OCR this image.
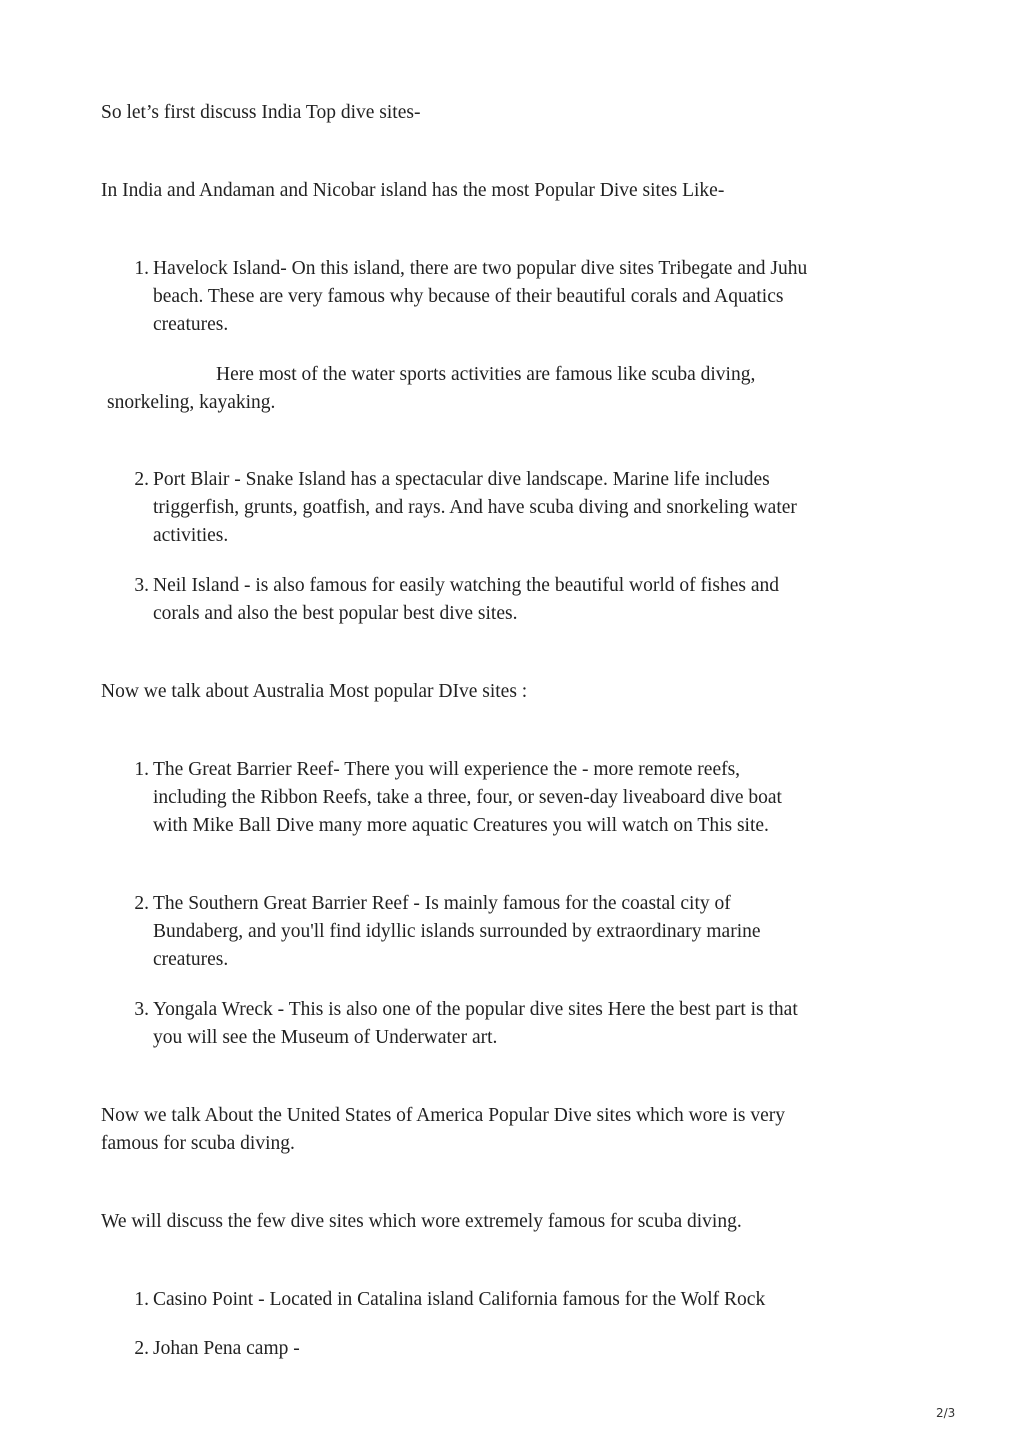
So let’s first discuss India Top dive sites-
In India and Andaman and Nicobar island has the most Popular Dive sites Like-
1. Havelock Island- On this island, there are two popular dive sites Tribegate and Juhu
beach. These are very famous why because of their beautiful corals and Aquatics
creatures.
Here most of the water sports activities are famous like scuba diving,
snorkeling, kayaking.
2. Port Blair - Snake Island has a spectacular dive landscape. Marine life includes
triggerfish, grunts, goatfish, and rays. And have scuba diving and snorkeling water
activities.
3. Neil Island - is also famous for easily watching the beautiful world of fishes and
corals and also the best popular best dive sites.
Now we talk about Australia Most popular DIve sites :
1. The Great Barrier Reef- There you will experience the - more remote reefs,
including the Ribbon Reefs, take a three, four, or seven-day liveaboard dive boat
with Mike Ball Dive many more aquatic Creatures you will watch on This site.
2. The Southern Great Barrier Reef - Is mainly famous for the coastal city of
Bundaberg, and you'll find idyllic islands surrounded by extraordinary marine
creatures.
3. Yongala Wreck - This is also one of the popular dive sites Here the best part is that
you will see the Museum of Underwater art.
Now we talk About the United States of America Popular Dive sites which wore is very
famous for scuba diving.
We will discuss the few dive sites which wore extremely famous for scuba diving.
1. Casino Point - Located in Catalina island California famous for the Wolf Rock
2. Johan Pena camp -
2/3
